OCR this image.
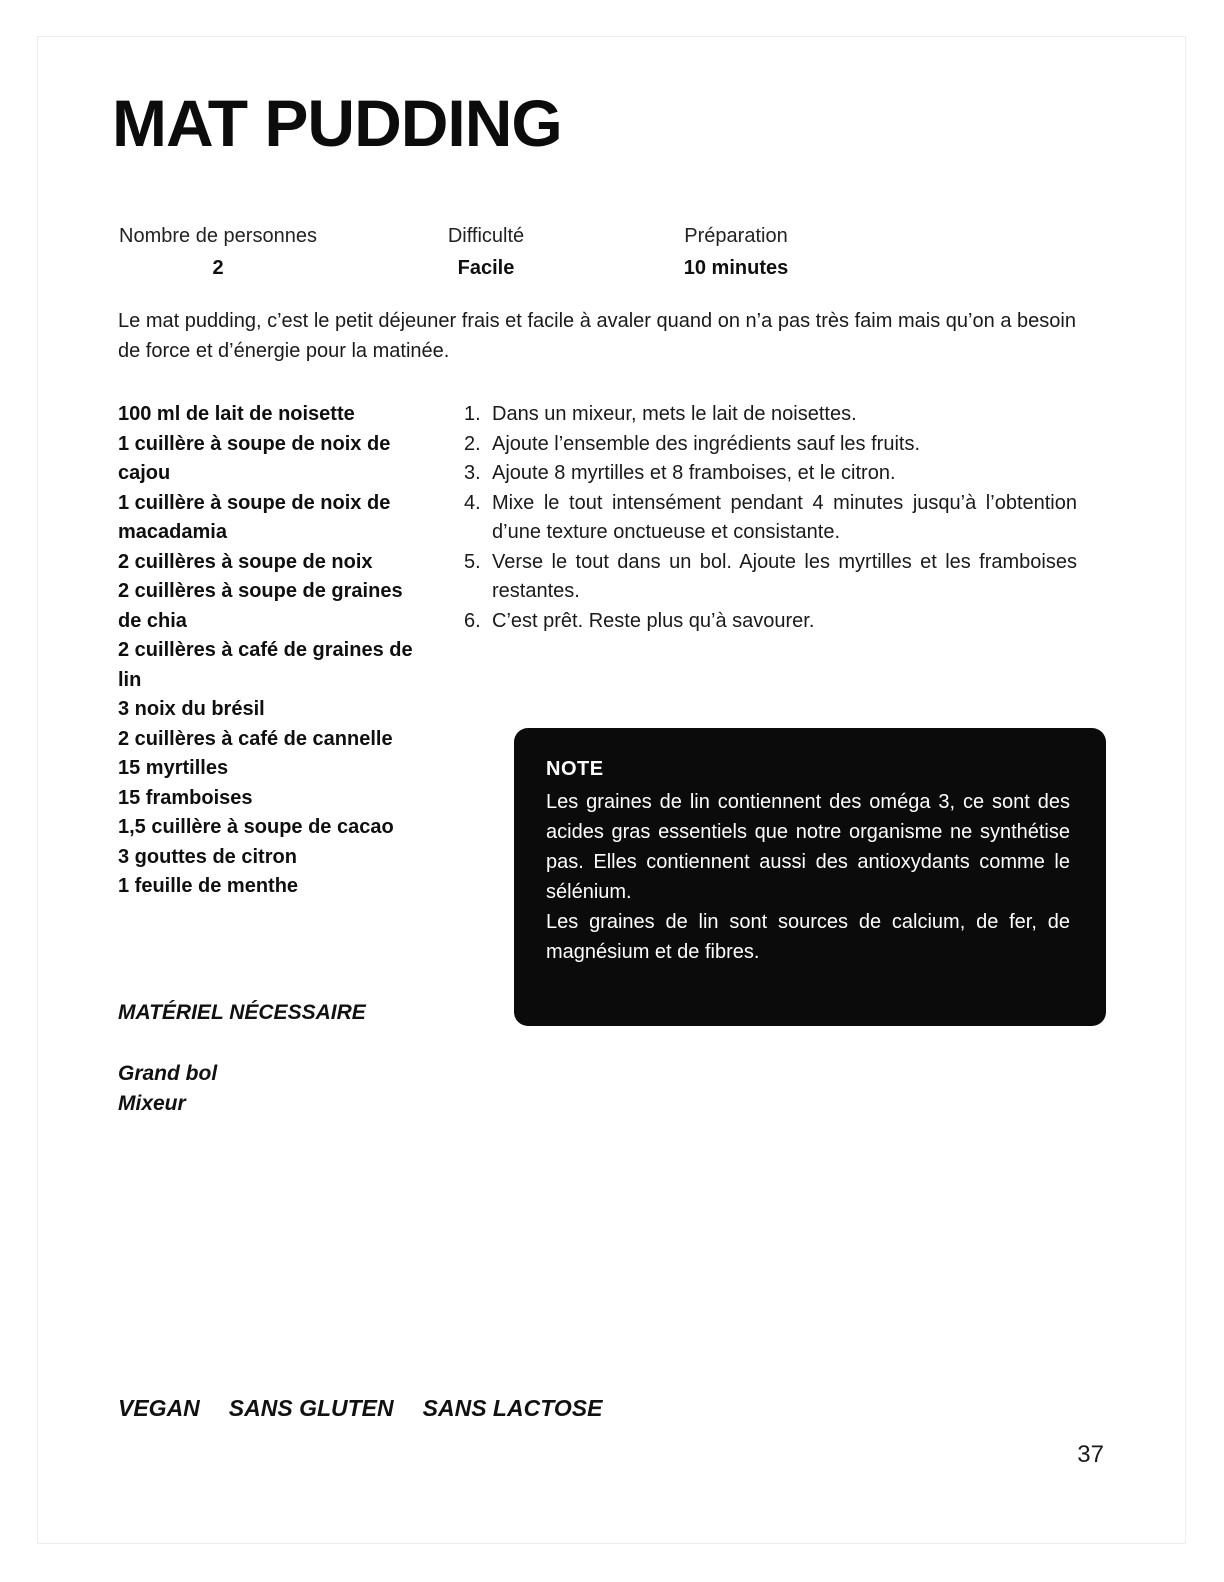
MAT PUDDING
Nombre de personnes
2
Difficulté
Facile
Préparation
10 minutes

Le mat pudding, c’est le petit déjeuner frais et facile à avaler quand on n’a pas très faim mais qu’on a besoin de force et d’énergie pour la matinée.

100 ml de lait de noisette
1 cuillère à soupe de noix de cajou
1 cuillère à soupe de noix de macadamia
2 cuillères à soupe de noix
2 cuillères à soupe de graines de chia
2 cuillères à café de graines de lin
3 noix du brésil
2 cuillères à café de cannelle
15 myrtilles
15 framboises
1,5 cuillère à soupe de cacao
3 gouttes de citron
1 feuille de menthe
Dans un mixeur, mets le lait de noisettes.
Ajoute l’ensemble des ingrédients sauf les fruits.
Ajoute 8 myrtilles et 8 framboises, et le citron.
Mixe le tout intensément pendant 4 minutes jusqu’à l’obtention d’une texture onctueuse et consistante.
Verse le tout dans un bol. Ajoute les myrtilles et les framboises restantes.
C’est prêt. Reste plus qu’à savourer.
NOTE

Les graines de lin contiennent des oméga 3, ce sont des acides gras essentiels que notre organisme ne synthétise pas. Elles contiennent aussi des antioxydants comme le sélénium.

Les graines de lin sont sources de calcium, de fer, de magnésium et de fibres.

MATÉRIEL NÉCESSAIRE
Grand bol
Mixeur
VEGAN SANS GLUTEN SANS LACTOSE
37
